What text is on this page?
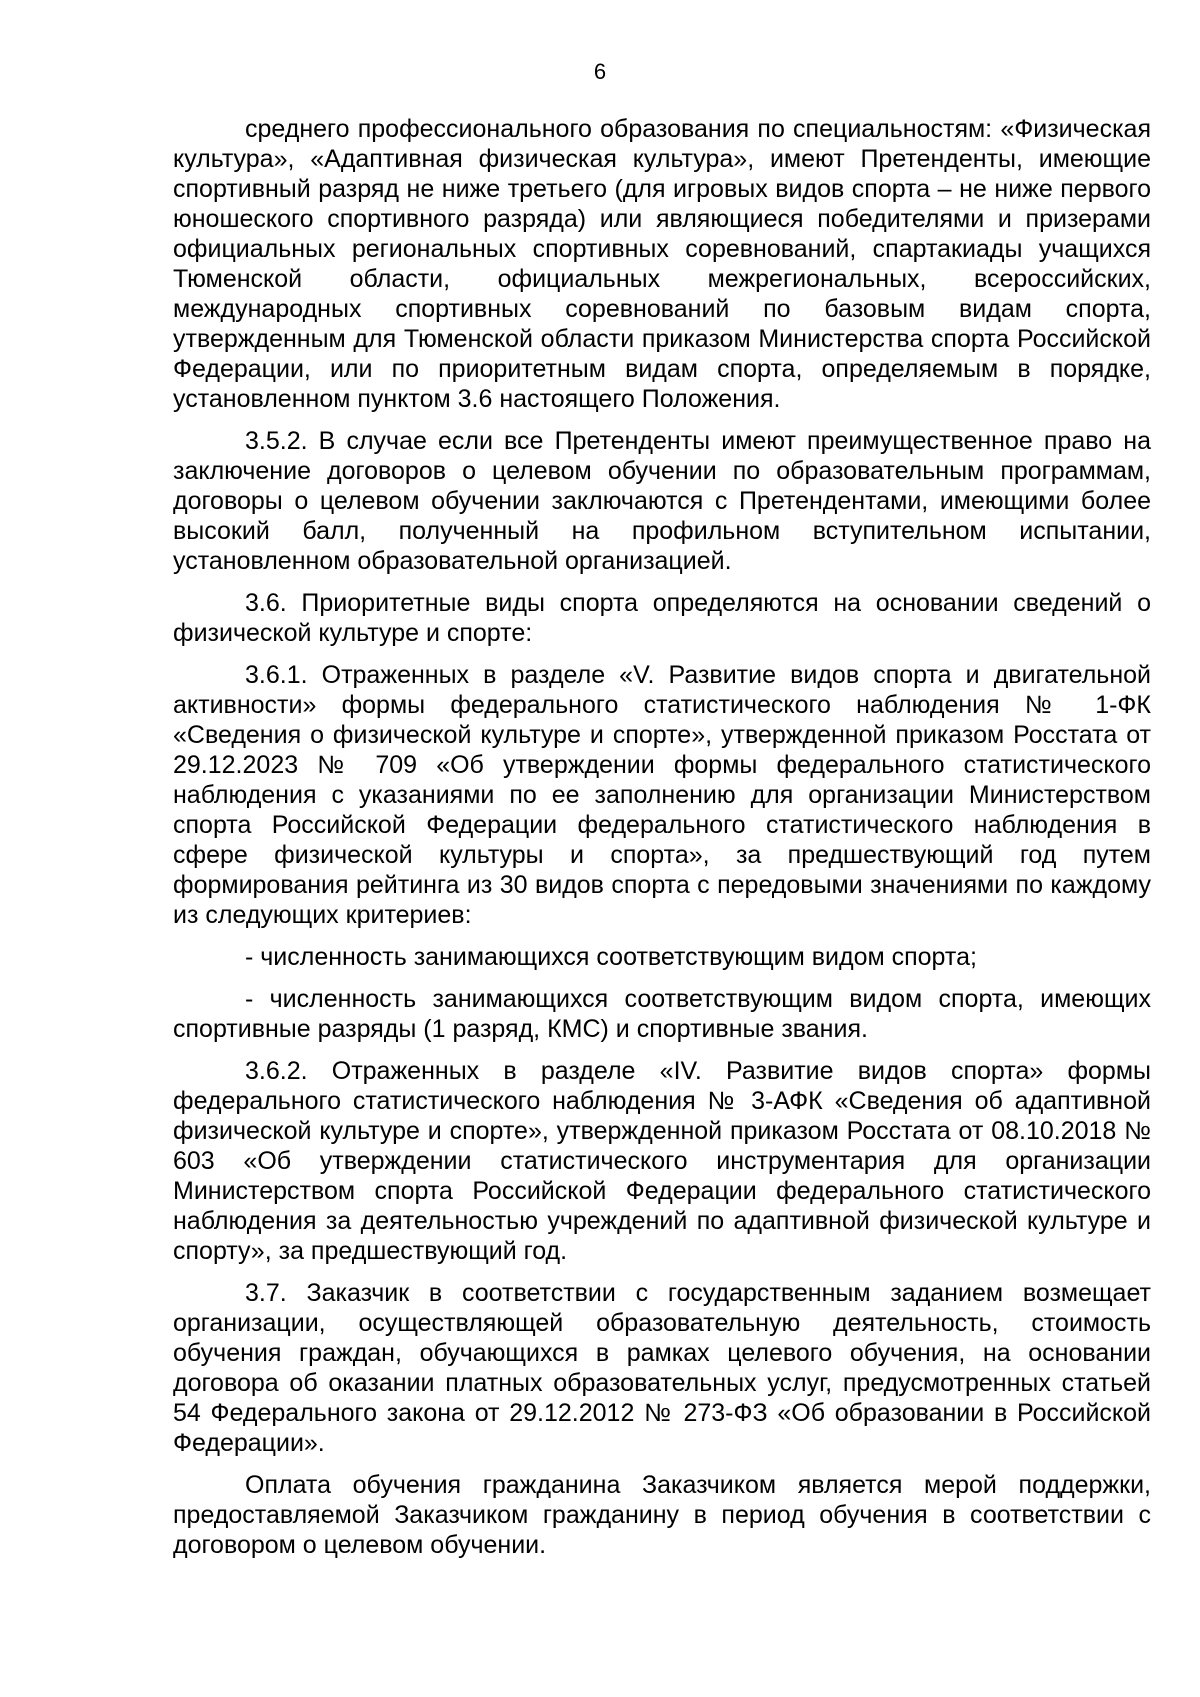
6

среднего профессионального образования по специальностям: «Физическая культура», «Адаптивная физическая культура», имеют Претенденты, имеющие спортивный разряд не ниже третьего (для игровых видов спорта – не ниже первого юношеского спортивного разряда) или являющиеся победителями и призерами официальных региональных спортивных соревнований, спартакиады учащихся Тюменской области, официальных межрегиональных, всероссийских, международных спортивных соревнований по базовым видам спорта, утвержденным для Тюменской области приказом Министерства спорта Российской Федерации, или по приоритетным видам спорта, определяемым в порядке, установленном пунктом 3.6 настоящего Положения.

3.5.2. В случае если все Претенденты имеют преимущественное право на заключение договоров о целевом обучении по образовательным программам, договоры о целевом обучении заключаются с Претендентами, имеющими более высокий балл, полученный на профильном вступительном испытании, установленном образовательной организацией.

3.6. Приоритетные виды спорта определяются на основании сведений о физической культуре и спорте:

3.6.1. Отраженных в разделе «V. Развитие видов спорта и двигательной активности» формы федерального статистического наблюдения № 1-ФК «Сведения о физической культуре и спорте», утвержденной приказом Росстата от 29.12.2023 № 709 «Об утверждении формы федерального статистического наблюдения с указаниями по ее заполнению для организации Министерством спорта Российской Федерации федерального статистического наблюдения в сфере физической культуры и спорта», за предшествующий год путем формирования рейтинга из 30 видов спорта с передовыми значениями по каждому из следующих критериев:

- численность занимающихся соответствующим видом спорта;

- численность занимающихся соответствующим видом спорта, имеющих спортивные разряды (1 разряд, КМС) и спортивные звания.

3.6.2. Отраженных в разделе «IV. Развитие видов спорта» формы федерального статистического наблюдения № 3-АФК «Сведения об адаптивной физической культуре и спорте», утвержденной приказом Росстата от 08.10.2018 № 603 «Об утверждении статистического инструментария для организации Министерством спорта Российской Федерации федерального статистического наблюдения за деятельностью учреждений по адаптивной физической культуре и спорту», за предшествующий год.

3.7. Заказчик в соответствии с государственным заданием возмещает организации, осуществляющей образовательную деятельность, стоимость обучения граждан, обучающихся в рамках целевого обучения, на основании договора об оказании платных образовательных услуг, предусмотренных статьей 54 Федерального закона от 29.12.2012 № 273-ФЗ «Об образовании в Российской Федерации».

Оплата обучения гражданина Заказчиком является мерой поддержки, предоставляемой Заказчиком гражданину в период обучения в соответствии с договором о целевом обучении.
